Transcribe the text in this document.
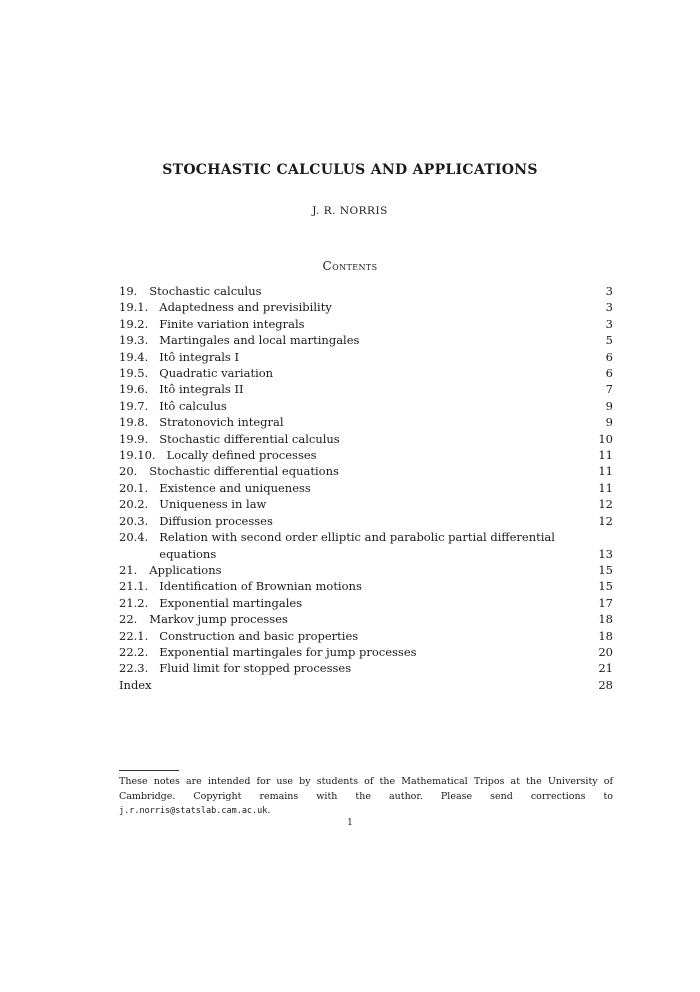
STOCHASTIC CALCULUS AND APPLICATIONS
J. R. NORRIS
Contents
19. Stochastic calculus	3
19.1. Adaptedness and previsibility	3
19.2. Finite variation integrals	3
19.3. Martingales and local martingales	5
19.4. Itô integrals I	6
19.5. Quadratic variation	6
19.6. Itô integrals II	7
19.7. Itô calculus	9
19.8. Stratonovich integral	9
19.9. Stochastic differential calculus	10
19.10. Locally defined processes	11
20. Stochastic differential equations	11
20.1. Existence and uniqueness	11
20.2. Uniqueness in law	12
20.3. Diffusion processes	12
20.4. Relation with second order elliptic and parabolic partial differential equations	13
21. Applications	15
21.1. Identification of Brownian motions	15
21.2. Exponential martingales	17
22. Markov jump processes	18
22.1. Construction and basic properties	18
22.2. Exponential martingales for jump processes	20
22.3. Fluid limit for stopped processes	21
Index	28
These notes are intended for use by students of the Mathematical Tripos at the University of Cambridge. Copyright remains with the author. Please send corrections to j.r.norris@statslab.cam.ac.uk.
1
